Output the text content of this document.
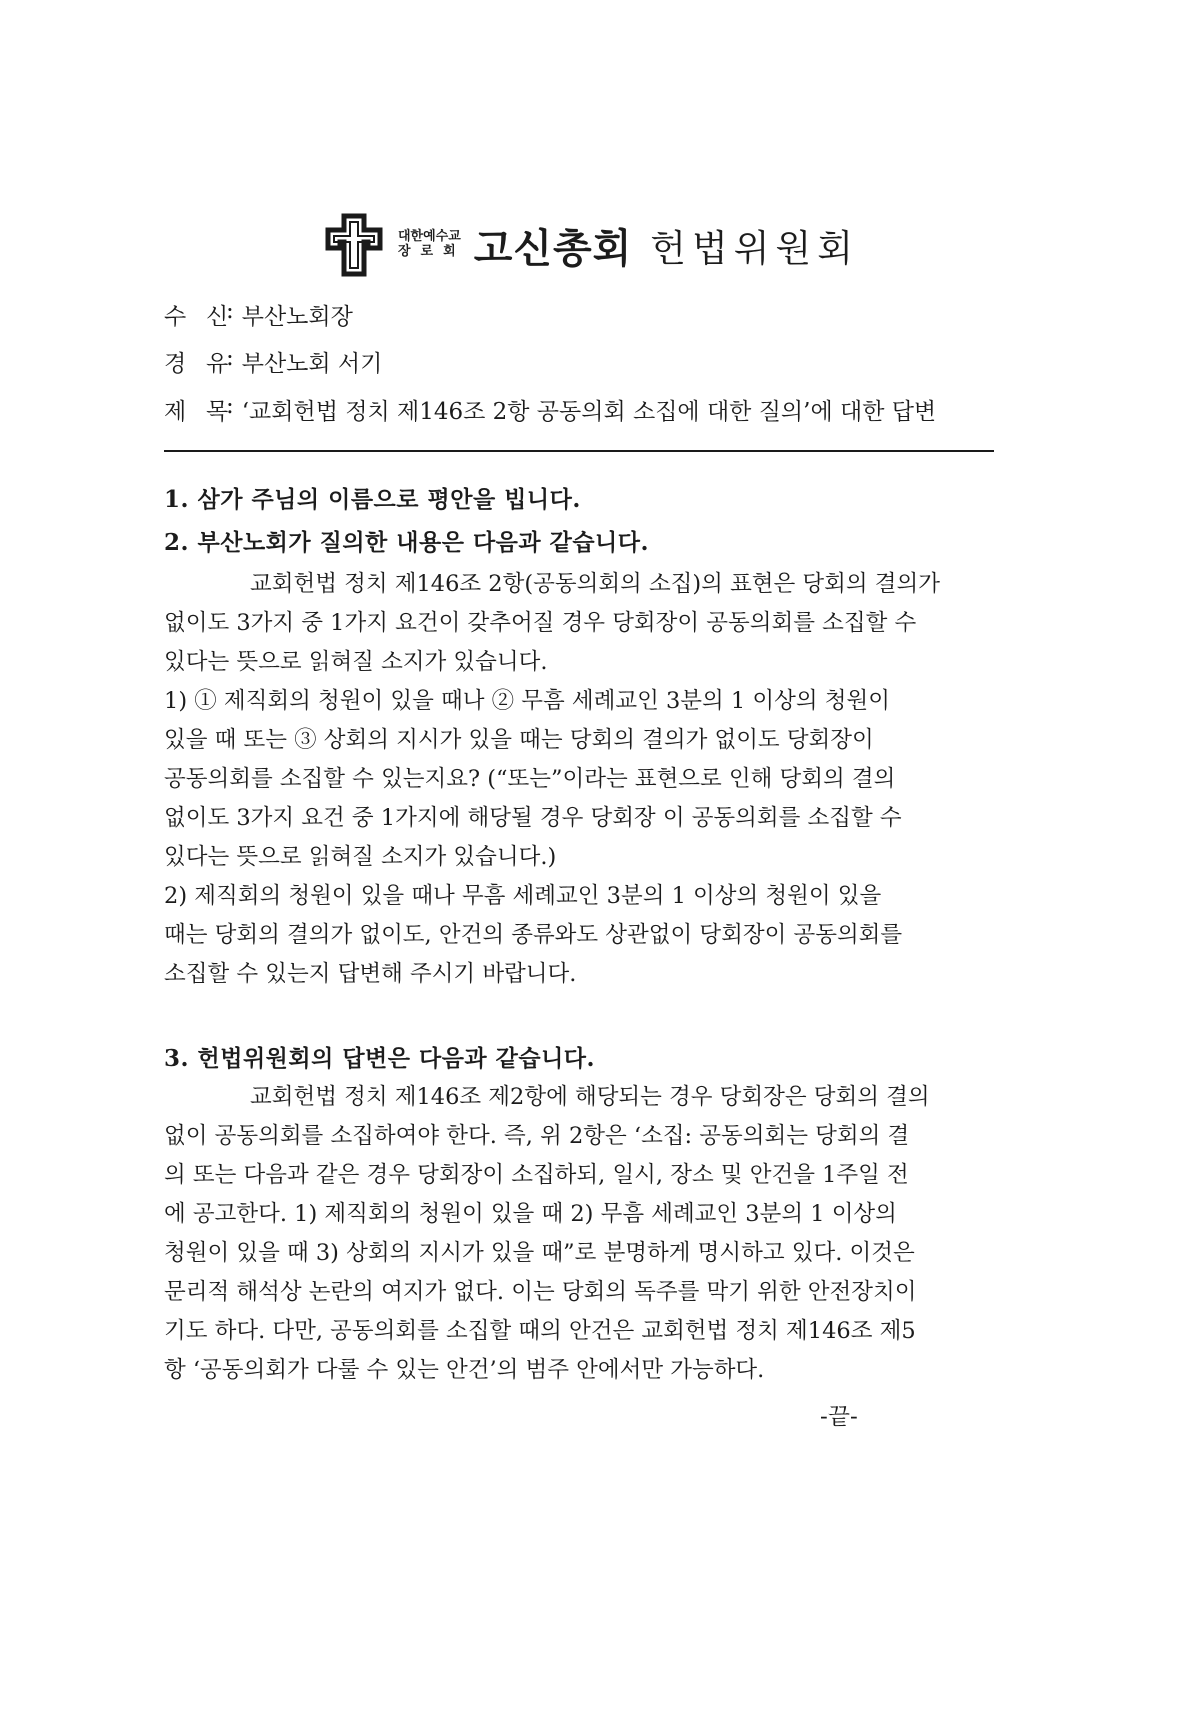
대한예수교
장로회 고신총회 헌법위원회
수 신
: 부산노회장
경 유
: 부산노회 서기
제 목
: ‘교회헌법 정치 제146조 2항 공동의회 소집에 대한 질의’에 대한 답변
1. 삼가 주님의 이름으로 평안을 빕니다.
2. 부산노회가 질의한 내용은 다음과 같습니다.
교회헌법 정치 제146조 2항(공동의회의 소집)의 표현은 당회의 결의가
없이도 3가지 중 1가지 요건이 갖추어질 경우 당회장이 공동의회를 소집할 수
있다는 뜻으로 읽혀질 소지가 있습니다.
1) ① 제직회의 청원이 있을 때나 ② 무흠 세례교인 3분의 1 이상의 청원이
있을 때 또는 ③ 상회의 지시가 있을 때는 당회의 결의가 없이도 당회장이
공동의회를 소집할 수 있는지요? (“또는”이라는 표현으로 인해 당회의 결의
없이도 3가지 요건 중 1가지에 해당될 경우 당회장 이 공동의회를 소집할 수
있다는 뜻으로 읽혀질 소지가 있습니다.)
2) 제직회의 청원이 있을 때나 무흠 세례교인 3분의 1 이상의 청원이 있을
때는 당회의 결의가 없이도, 안건의 종류와도 상관없이 당회장이 공동의회를
소집할 수 있는지 답변해 주시기 바랍니다.
3. 헌법위원회의 답변은 다음과 같습니다.
교회헌법 정치 제146조 제2항에 해당되는 경우 당회장은 당회의 결의
없이 공동의회를 소집하여야 한다. 즉, 위 2항은 ‘소집: 공동의회는 당회의 결
의 또는 다음과 같은 경우 당회장이 소집하되, 일시, 장소 및 안건을 1주일 전
에 공고한다. 1) 제직회의 청원이 있을 때 2) 무흠 세례교인 3분의 1 이상의
청원이 있을 때 3) 상회의 지시가 있을 때”로 분명하게 명시하고 있다. 이것은
문리적 해석상 논란의 여지가 없다. 이는 당회의 독주를 막기 위한 안전장치이
기도 하다. 다만, 공동의회를 소집할 때의 안건은 교회헌법 정치 제146조 제5
항 ‘공동의회가 다룰 수 있는 안건’의 범주 안에서만 가능하다.
-끝-
